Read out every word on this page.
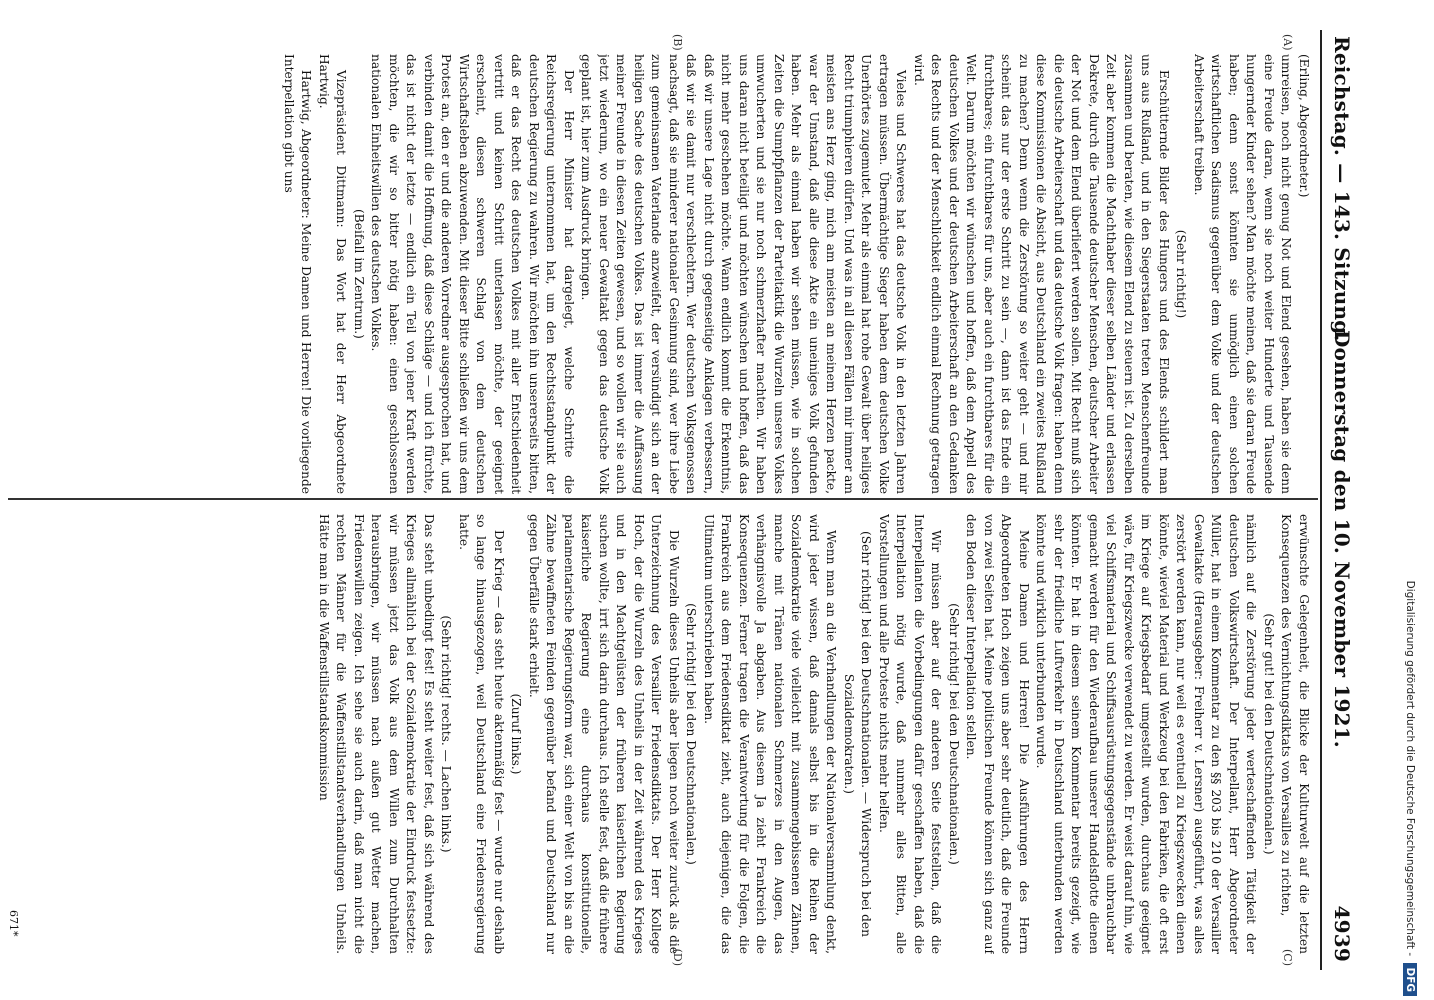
Reichstag. — 143. Sitzung.
Donnerstag den 10. November 1921.
4939
(A)
(B)
(C)
(D)

(Erling, Abgeordneter.)

umreisen, noch nicht genug Not und Elend gesehen, haben sie denn eine Freude daran, wenn sie noch weiter Hunderte und Tausende hungernder Kinder sehen? Man möchte meinen, daß sie daran Freude haben; denn sonst könnten sie unmöglich einen solchen wirtschaftlichen Sadismus gegenüber dem Volke und der deutschen Arbeiterschaft treiben.

(Sehr richtig!)

Erschütternde Bilder des Hungers und des Elends schildert man uns aus Rußland, und in den Siegerstaaten treten Menschenfreunde zusammen und beraten, wie diesem Elend zu steuern ist. Zu derselben Zeit aber kommen die Machthaber dieser selben Länder und erlassen Dekrete, durch die Tausende deutscher Menschen, deutscher Arbeiter der Not und dem Elend überliefert werden sollen. Mit Recht muß sich die deutsche Arbeiterschaft und das deutsche Volk fragen: haben denn diese Kommissionen die Absicht, aus Deutschland ein zweites Rußland zu machen? Denn wenn die Zerstörung so weiter geht — und mir scheint das nur der erste Schritt zu sein —, dann ist das Ende ein furchtbares; ein furchtbares für uns, aber auch ein furchtbares für die Welt. Darum möchten wir wünschen und hoffen, daß dem Appell des deutschen Volkes und der deutschen Arbeiterschaft an den Gedanken des Rechts und der Menschlichkeit endlich einmal Rechnung getragen wird.

Vieles und Schweres hat das deutsche Volk in den letzten Jahren ertragen müssen. Übermächtige Sieger haben dem deutschen Volke Unerhörtes zugemutet. Mehr als einmal hat rohe Gewalt über heiliges Recht triumphieren dürfen. Und was in all diesen Fällen mir immer am meisten ans Herz ging, mich am meisten an meinem Herzen packte, war der Umstand, daß alle diese Akte ein uneiniges Volk gefunden haben. Mehr als einmal haben wir sehen müssen, wie in solchen Zeiten die Sumpfpflanzen der Parteitaktik die Wurzeln unseres Volkes umwucherten und sie nur noch schmerzhafter machten. Wir haben uns daran nicht beteiligt und möchten wünschen und hoffen, daß das nicht mehr geschehen möchte. Wann endlich kommt die Erkenntnis, daß wir unsere Lage nicht durch gegenseitige Anklagen verbessern, daß wir sie damit nur verschlechtern. Wer deutschen Volksgenossen nachsagt, daß sie minderer nationaler Gesinnung sind, wer ihre Liebe zum gemeinsamen Vaterlande anzweifelt, der versündigt sich an der heiligen Sache des deutschen Volkes. Das ist immer die Auffassung meiner Freunde in diesen Zeiten gewesen, und so wollen wir sie auch jetzt wiederum, wo ein neuer Gewaltakt gegen das deutsche Volk geplant ist, hier zum Ausdruck bringen.

Der Herr Minister hat dargelegt, welche Schritte die Reichsregierung unternommen hat, um den Rechtsstandpunkt der deutschen Regierung zu wahren. Wir möchten ihn unsererseits bitten, daß er das Recht des deutschen Volkes mit aller Entschiedenheit vertritt und keinen Schritt unterlassen möchte, der geeignet erscheint, diesen schweren Schlag von dem deutschen Wirtschaftsleben abzuwenden. Mit dieser Bitte schließen wir uns dem Protest an, den er und die anderen Vorredner ausgesprochen hat, und verbinden damit die Hoffnung, daß diese Schläge — und ich fürchte, das ist nicht der letzte — endlich ein Teil von jener Kraft werden möchten, die wir so bitter nötig haben: einen geschlossenen nationalen Einheitswillen des deutschen Volkes.

(Beifall im Zentrum.)

Vizepräsident Dittmann: Das Wort hat der Herr Abgeordnete Hartwig.

Hartwig, Abgeordneter: Meine Damen und Herren! Die vorliegende Interpellation gibt uns

erwünschte Gelegenheit, die Blicke der Kulturwelt auf die letzten Konsequenzen des Vernichtungsdiktats von Versailles zu richten,

(Sehr gut! bei den Deutschnationalen.)

nämlich auf die Zerstörung jeder werteschaffenden Tätigkeit der deutschen Volkswirtschaft. Der Interpellant, Herr Abgeordneter Müller, hat in einem Kommentar zu den §§ 203 bis 210 der Versailler Gewaltakte (Herausgeber: Freiherr v. Lersner) ausgeführt, was alles zerstört werden kann, nur weil es eventuell zu Kriegszwecken dienen könnte, wieviel Material und Werkzeug bei den Fabriken, die oft erst im Kriege auf Kriegsbedarf umgestellt wurden, durchaus geeignet wäre, für Kriegszwecke verwendet zu werden. Er weist darauf hin, wie viel Schiffsmaterial und Schiffsausrüstungsgegenstände unbrauchbar gemacht werden für den Wiederaufbau unserer Handelsflotte dienen könnten. Er hat in diesem seinem Kommentar bereits gezeigt, wie sehr der friedliche Luftverkehr in Deutschland unterbunden werden könnte und wirklich unterbunden wurde.

Meine Damen und Herren! Die Ausführungen des Herrn Abgeordneten Hoch zeigen uns aber sehr deutlich, daß die Freunde von zwei Seiten hat. Meine politischen Freunde können sich ganz auf den Boden dieser Interpellation stellen.

(Sehr richtig! bei den Deutschnationalen.)

Wir müssen aber auf der anderen Seite feststellen, daß die Interpellanten die Vorbedingungen dafür geschaffen haben, daß die Interpellation nötig wurde, daß nunmehr alles Bitten, alle Vorstellungen und alle Proteste nichts mehr helfen.

(Sehr richtig! bei den Deutschnationalen. — Widerspruch bei den Sozialdemokraten.)

Wenn man an die Verhandlungen der Nationalversammlung denkt, wird jeder wissen, daß damals selbst bis in die Reihen der Sozialdemokratie viele vielleicht mit zusammengebissenen Zähnen, manche mit Tränen nationalen Schmerzes in den Augen, das verhängnisvolle Ja abgaben. Aus diesem Ja zieht Frankreich die Konsequenzen. Ferner tragen die Verantwortung für die Folgen, die Frankreich aus dem Friedensdiktat zieht, auch diejenigen, die das Ultimatum unterschrieben haben.

(Sehr richtig! bei den Deutschnationalen.)

Die Wurzeln dieses Unheils aber liegen noch weiter zurück als die Unterzeichnung des Versailler Friedensdiktats. Der Herr Kollege Hoch, der die Wurzeln des Unheils in der Zeit während des Krieges und in den Machtgelüsten der früheren kaiserlichen Regierung suchen wollte, irrt sich darin durchaus. Ich stelle fest, daß die frühere kaiserliche Regierung eine durchaus konstitutionelle, parlamentarische Regierungsform war, sich einer Welt von bis an die Zähne bewaffneten Feinden gegenüber befand und Deutschland nur gegen Überfälle stark erhielt.

(Zuruf links.)

Der Krieg — das steht heute aktenmäßig fest — wurde nur deshalb so lange hinausgezogen, weil Deutschland eine Friedensregierung hatte.

(Sehr richtig! rechts. — Lachen links.)

Das steht unbedingt fest! Es steht weiter fest, daß sich während des Krieges allmählich bei der Sozialdemokratie der Eindruck festsetzte: wir müssen jetzt das Volk aus dem Willen zum Durchhalten herausbringen, wir müssen nach außen gut Wetter machen, Friedenswillen zeigen. Ich sehe sie auch darin, daß man nicht die rechten Männer für die Waffenstillstandsverhandlungen Unheils. Hätte man in die Waffenstillstandskommission

671*	Digitalisierung gefördert durch die Deutsche Forschungsgemeinschaft - DFG
